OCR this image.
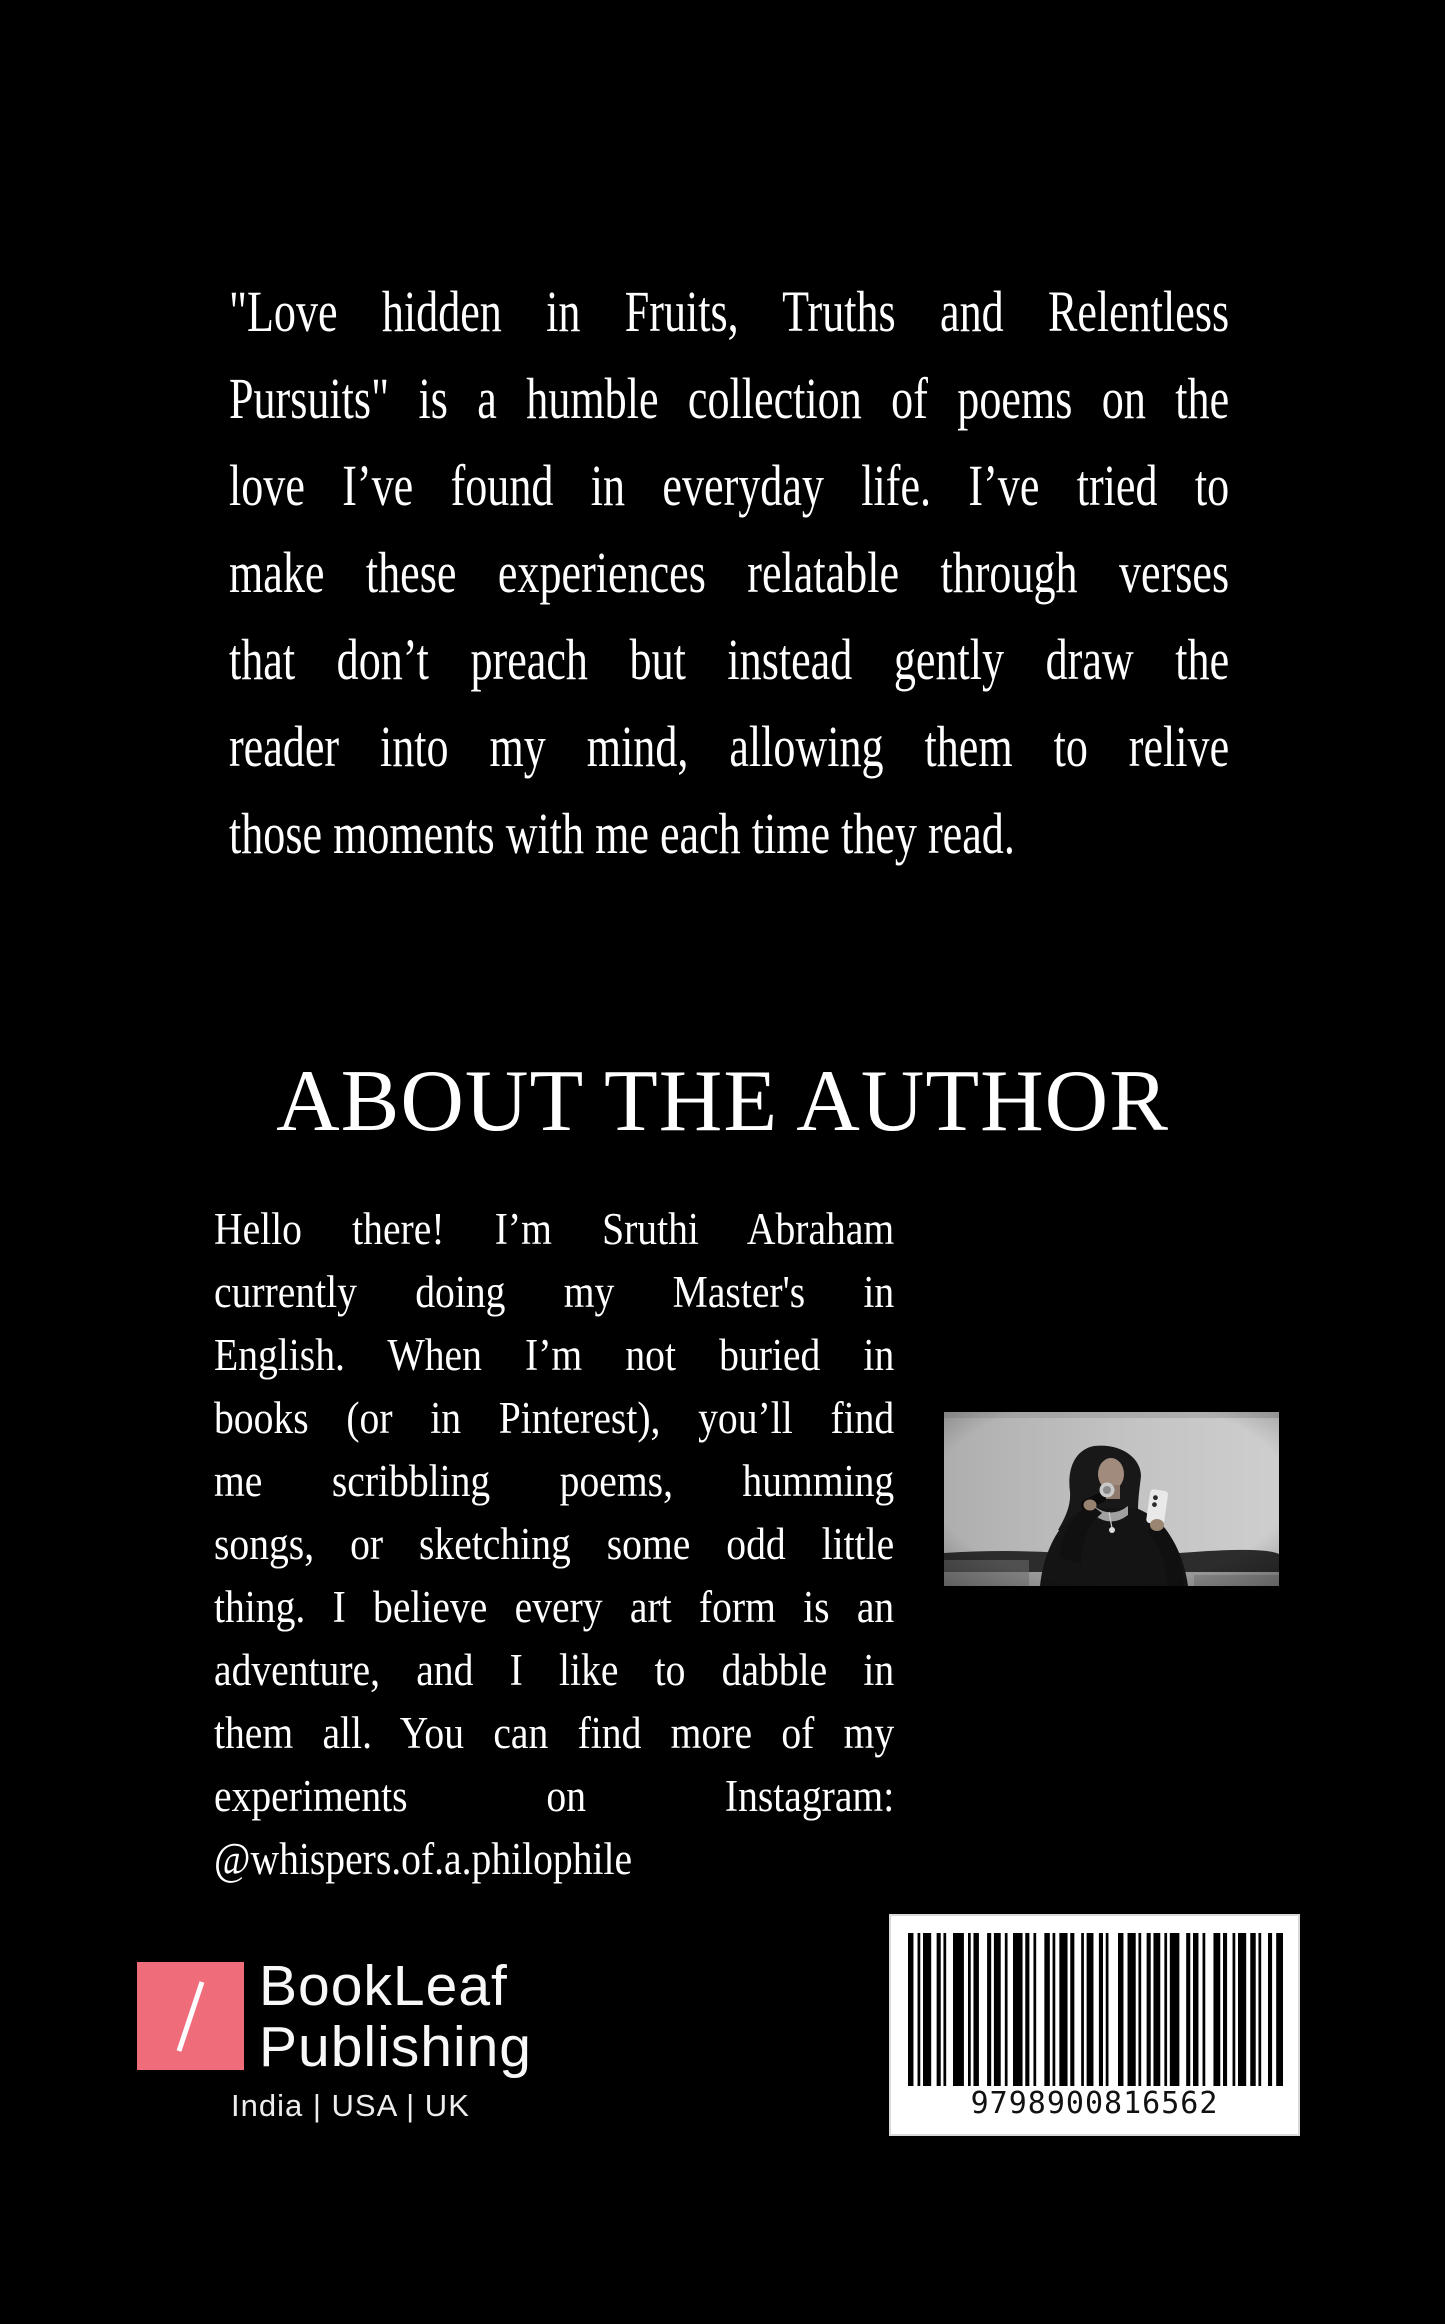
"Love hidden in Fruits, Truths and Relentless
Pursuits" is a humble collection of poems on the
love I’ve found in everyday life. I’ve tried to
make these experiences relatable through verses
that don’t preach but instead gently draw the
reader into my mind, allowing them to relive
those moments with me each time they read.
ABOUT THE AUTHOR
Hello there! I’m Sruthi Abraham
currently doing my Master's in
English. When I’m not buried in
books (or in Pinterest), you’ll find
me scribbling poems, humming
songs, or sketching some odd little
thing. I believe every art form is an
adventure, and I like to dabble in
them all. You can find more of my
experiments on Instagram:
@whispers.of.a.philophile
BookLeaf
Publishing
India | USA | UK	9798900816562
